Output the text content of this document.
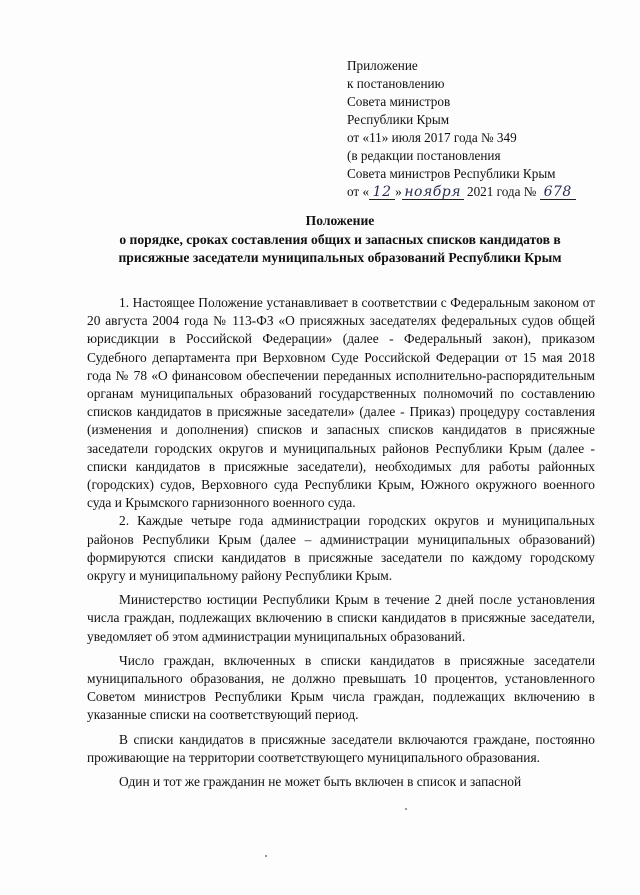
Приложение
к постановлению
Совета министров
Республики Крым
от «11» июля 2017 года № 349
(в редакции постановления
Совета министров Республики Крым
от « 12 » ноября 2021 года № 678
Положение
о порядке, сроках составления общих и запасных списков кандидатов в
присяжные заседатели муниципальных образований Республики Крым

1. Настоящее Положение устанавливает в соответствии с Федеральным законом от 20 августа 2004 года № 113-ФЗ «О присяжных заседателях федеральных судов общей юрисдикции в Российской Федерации» (далее - Федеральный закон), приказом Судебного департамента при Верховном Суде Российской Федерации от 15 мая 2018 года № 78 «О финансовом обеспечении переданных исполнительно-распорядительным органам муниципальных образований государственных полномочий по составлению списков кандидатов в присяжные заседатели» (далее - Приказ) процедуру составления (изменения и дополнения) списков и запасных списков кандидатов в присяжные заседатели городских округов и муниципальных районов Республики Крым (далее - списки кандидатов в присяжные заседатели), необходимых для работы районных (городских) судов, Верховного суда Республики Крым, Южного окружного военного суда и Крымского гарнизонного военного суда.

2. Каждые четыре года администрации городских округов и муниципальных районов Республики Крым (далее – администрации муниципальных образований) формируются списки кандидатов в присяжные заседатели по каждому городскому округу и муниципальному району Республики Крым.

Министерство юстиции Республики Крым в течение 2 дней после установления числа граждан, подлежащих включению в списки кандидатов в присяжные заседатели, уведомляет об этом администрации муниципальных образований.

Число граждан, включенных в списки кандидатов в присяжные заседатели муниципального образования, не должно превышать 10 процентов, установленного Советом министров Республики Крым числа граждан, подлежащих включению в указанные списки на соответствующий период.

В списки кандидатов в присяжные заседатели включаются граждане, постоянно проживающие на территории соответствующего муниципального образования.

Один и тот же гражданин не может быть включен в список и запасной
